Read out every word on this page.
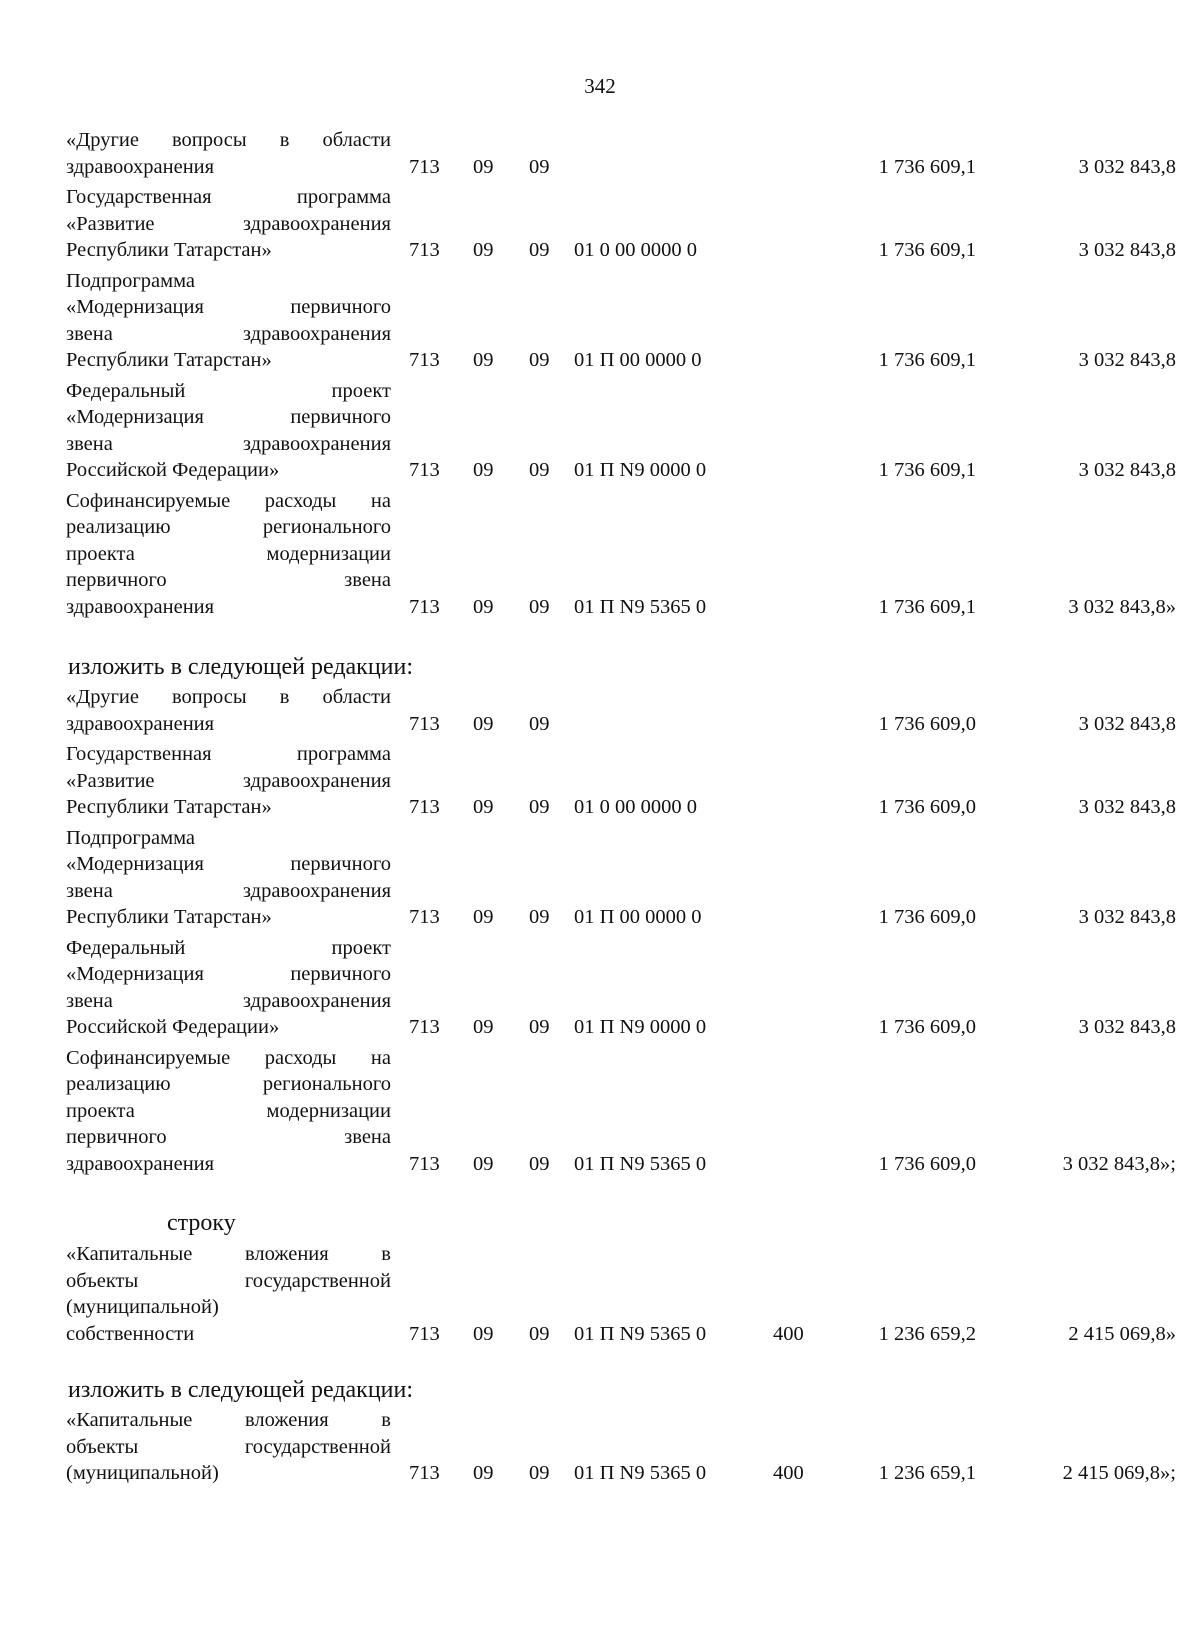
342
«Другие вопросы в области
здравоохранения	713 09 09	1 736 609,1	3 032 843,8
Государственная программа
«Развитие здравоохранения
Республики Татарстан»	713 09 09 01 0 00 0000 0	1 736 609,1	3 032 843,8
Подпрограмма
«Модернизация первичного
звена здравоохранения
Республики Татарстан»	713 09 09 01 П 00 0000 0	1 736 609,1	3 032 843,8
Федеральный проект
«Модернизация первичного
звена здравоохранения
Российской Федерации»	713 09 09 01 П N9 0000 0	1 736 609,1	3 032 843,8
Софинансируемые расходы на
реализацию регионального
проекта модернизации
первичного звена
здравоохранения	713 09 09 01 П N9 5365 0	1 736 609,1	3 032 843,8»
изложить в следующей редакции:
«Другие вопросы в области
здравоохранения	713 09 09	1 736 609,0	3 032 843,8
Государственная программа
«Развитие здравоохранения
Республики Татарстан»	713 09 09 01 0 00 0000 0	1 736 609,0	3 032 843,8
Подпрограмма
«Модернизация первичного
звена здравоохранения
Республики Татарстан»	713 09 09 01 П 00 0000 0	1 736 609,0	3 032 843,8
Федеральный проект
«Модернизация первичного
звена здравоохранения
Российской Федерации»	713 09 09 01 П N9 0000 0	1 736 609,0	3 032 843,8
Софинансируемые расходы на
реализацию регионального
проекта модернизации
первичного звена
здравоохранения	713 09 09 01 П N9 5365 0	1 736 609,0	3 032 843,8»;
строку
«Капитальные вложения в
объекты государственной
(муниципальной)
собственности	713 09 09 01 П N9 5365 0	400	1 236 659,2	2 415 069,8»
изложить в следующей редакции:
«Капитальные вложения в
объекты государственной
(муниципальной)	713 09 09 01 П N9 5365 0	400	1 236 659,1	2 415 069,8»;
